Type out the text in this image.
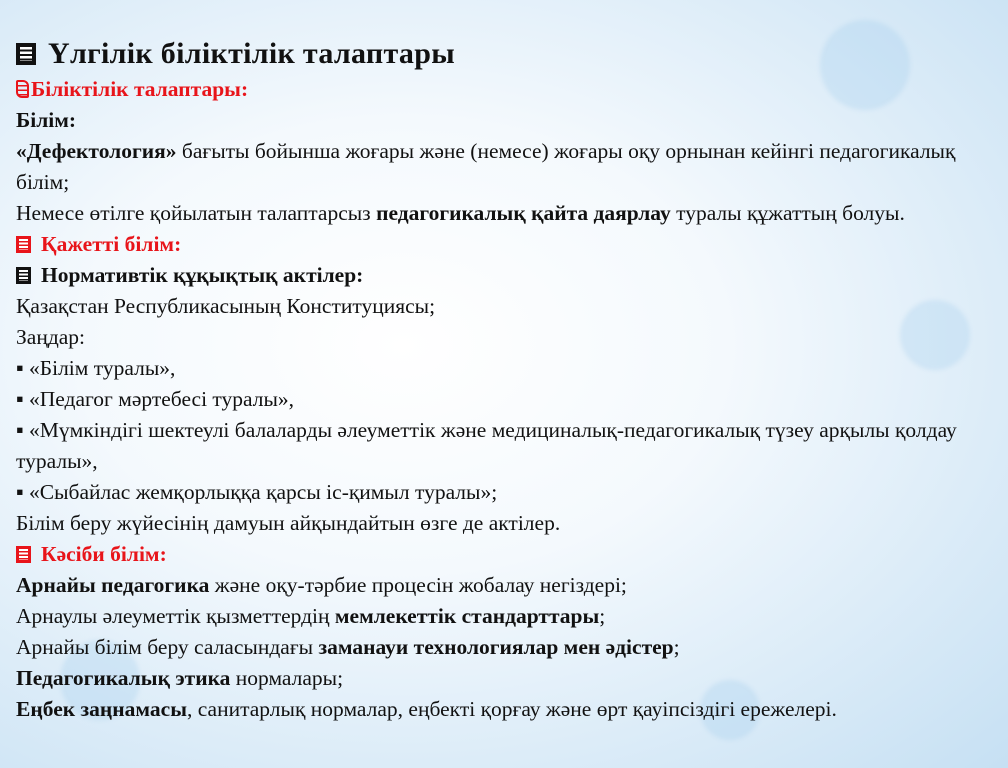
Үлгілік біліктілік талаптары
Біліктілік талаптары:
Білім:
«Дефектология» бағыты бойынша жоғары және (немесе) жоғары оқу орнынан кейінгі педагогикалық білім;
Немесе өтілге қойылатын талаптарсыз педагогикалық қайта даярлау туралы құжаттың болуы.
Қажетті білім:
Нормативтік құқықтық актілер:
Қазақстан Республикасының Конституциясы;
Заңдар:
▪ «Білім туралы»,
▪ «Педагог мәртебесі туралы»,
▪ «Мүмкіндігі шектеулі балаларды әлеуметтік және медициналық-педагогикалық түзеу арқылы қолдау туралы»,
▪ «Сыбайлас жемқорлыққа қарсы іс-қимыл туралы»;
Білім беру жүйесінің дамуын айқындайтын өзге де актілер.
Кәсіби білім:
Арнайы педагогика және оқу-тәрбие процесін жобалау негіздері;
Арнаулы әлеуметтік қызметтердің мемлекеттік стандарттары;
Арнайы білім беру саласындағы заманауи технологиялар мен әдістер;
Педагогикалық этика нормалары;
Еңбек заңнамасы, санитарлық нормалар, еңбекті қорғау және өрт қауіпсіздігі ережелері.
